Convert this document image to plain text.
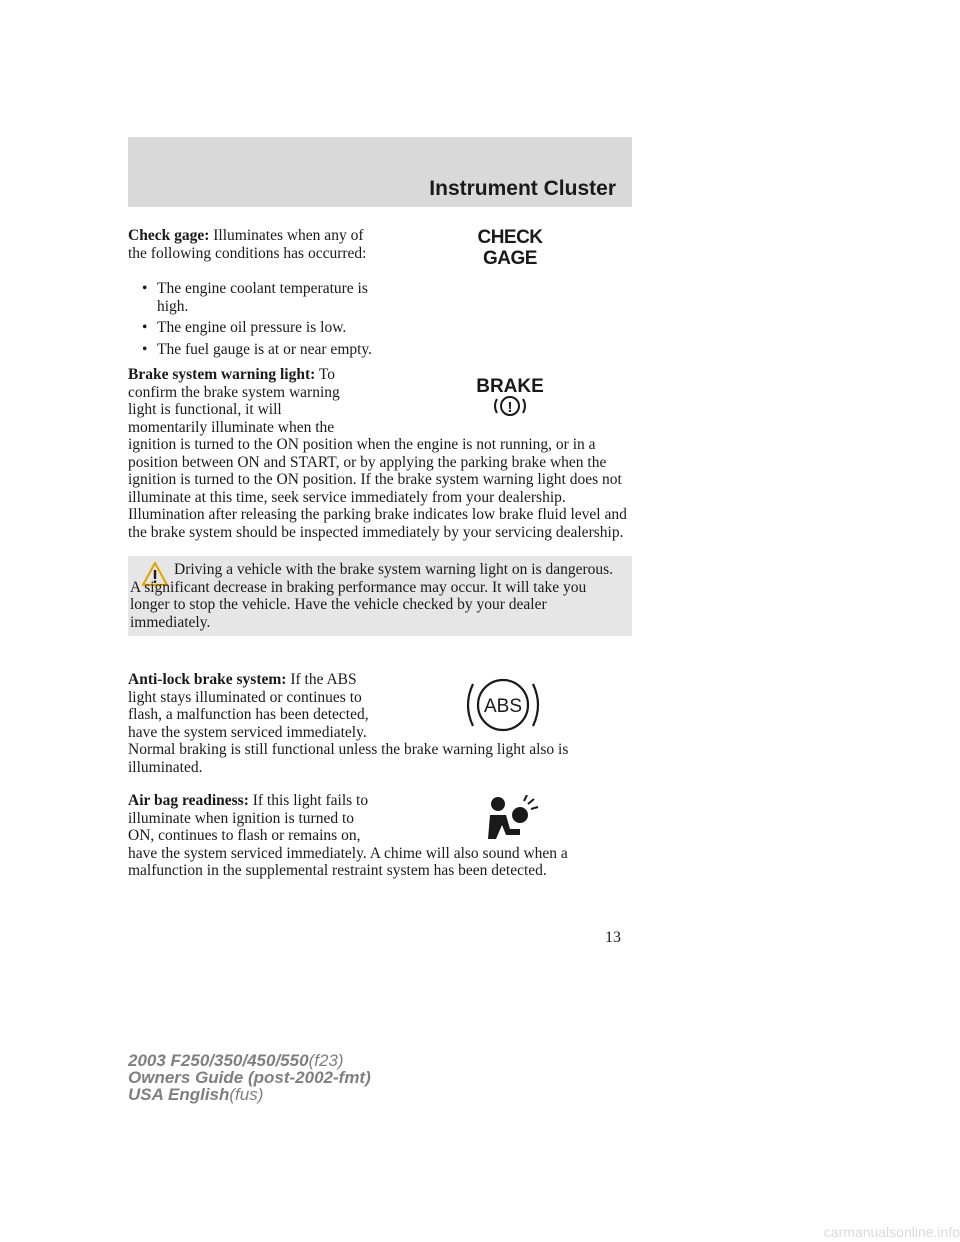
Instrument Cluster

Check gage: Illuminates when any of the following conditions has occurred:

CHECK
GAGE
• The engine coolant temperature is high.
• The engine oil pressure is low.
• The fuel gauge is at or near empty.
BRAKE
!

Brake system warning light: To confirm the brake system warning light is functional, it will momentarily illuminate when the ignition is turned to the ON position when the engine is not running, or in a position between ON and START, or by applying the parking brake when the ignition is turned to the ON position. If the brake system warning light does not illuminate at this time, seek service immediately from your dealership. Illumination after releasing the parking brake indicates low brake fluid level and the brake system should be inspected immediately by your servicing dealership.

Driving a vehicle with the brake system warning light on is dangerous. A significant decrease in braking performance may occur. It will take you longer to stop the vehicle. Have the vehicle checked by your dealer immediately.
ABS

Anti-lock brake system: If the ABS light stays illuminated or continues to flash, a malfunction has been detected, have the system serviced immediately. Normal braking is still functional unless the brake warning light also is illuminated.

Air bag readiness: If this light fails to illuminate when ignition is turned to ON, continues to flash or remains on, have the system serviced immediately. A chime will also sound when a malfunction in the supplemental restraint system has been detected.

13
2003 F250/350/450/550(f23)
Owners Guide (post-2002-fmt)
USA English(fus)
carmanualsonline.info
